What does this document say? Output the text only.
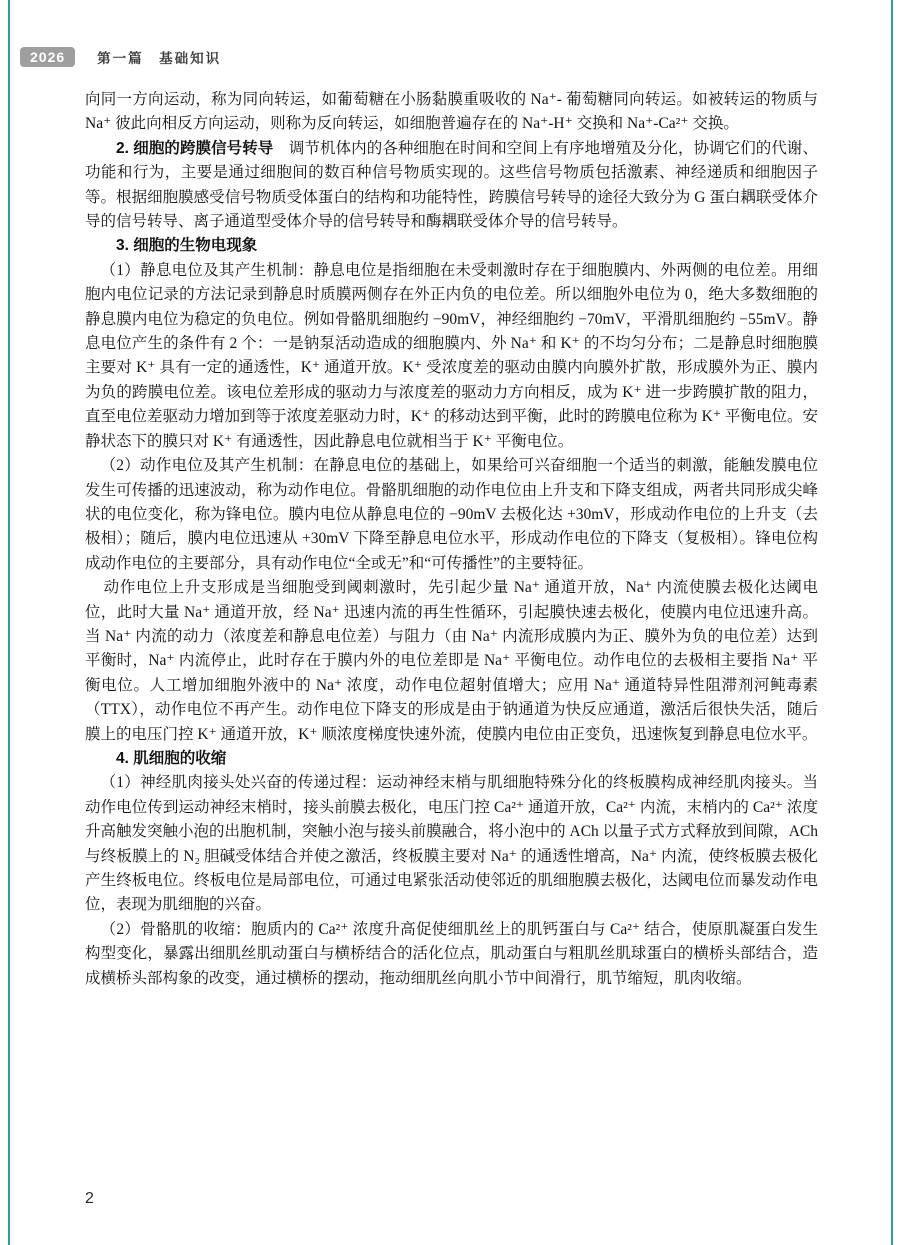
2026	第一篇　基础知识

向同一方向运动，称为同向转运，如葡萄糖在小肠黏膜重吸收的 Na⁺- 葡萄糖同向转运。如被转运的物质与 Na⁺ 彼此向相反方向运动，则称为反向转运，如细胞普遍存在的 Na⁺-H⁺ 交换和 Na⁺-Ca²⁺ 交换。

2. 细胞的跨膜信号转导　调节机体内的各种细胞在时间和空间上有序地增殖及分化，协调它们的代谢、功能和行为，主要是通过细胞间的数百种信号物质实现的。这些信号物质包括激素、神经递质和细胞因子等。根据细胞膜感受信号物质受体蛋白的结构和功能特性，跨膜信号转导的途径大致分为 G 蛋白耦联受体介导的信号转导、离子通道型受体介导的信号转导和酶耦联受体介导的信号转导。

3. 细胞的生物电现象

（1）静息电位及其产生机制：静息电位是指细胞在未受刺激时存在于细胞膜内、外两侧的电位差。用细胞内电位记录的方法记录到静息时质膜两侧存在外正内负的电位差。所以细胞外电位为 0，绝大多数细胞的静息膜内电位为稳定的负电位。例如骨骼肌细胞约 −90mV，神经细胞约 −70mV，平滑肌细胞约 −55mV。静息电位产生的条件有 2 个：一是钠泵活动造成的细胞膜内、外 Na⁺ 和 K⁺ 的不均匀分布；二是静息时细胞膜主要对 K⁺ 具有一定的通透性，K⁺ 通道开放。K⁺ 受浓度差的驱动由膜内向膜外扩散，形成膜外为正、膜内为负的跨膜电位差。该电位差形成的驱动力与浓度差的驱动力方向相反，成为 K⁺ 进一步跨膜扩散的阻力，直至电位差驱动力增加到等于浓度差驱动力时，K⁺ 的移动达到平衡，此时的跨膜电位称为 K⁺ 平衡电位。安静状态下的膜只对 K⁺ 有通透性，因此静息电位就相当于 K⁺ 平衡电位。

（2）动作电位及其产生机制：在静息电位的基础上，如果给可兴奋细胞一个适当的刺激，能触发膜电位发生可传播的迅速波动，称为动作电位。骨骼肌细胞的动作电位由上升支和下降支组成，两者共同形成尖峰状的电位变化，称为锋电位。膜内电位从静息电位的 −90mV 去极化达 +30mV，形成动作电位的上升支（去极相）；随后，膜内电位迅速从 +30mV 下降至静息电位水平，形成动作电位的下降支（复极相）。锋电位构成动作电位的主要部分，具有动作电位“全或无”和“可传播性”的主要特征。

动作电位上升支形成是当细胞受到阈刺激时，先引起少量 Na⁺ 通道开放，Na⁺ 内流使膜去极化达阈电位，此时大量 Na⁺ 通道开放，经 Na⁺ 迅速内流的再生性循环，引起膜快速去极化，使膜内电位迅速升高。当 Na⁺ 内流的动力（浓度差和静息电位差）与阻力（由 Na⁺ 内流形成膜内为正、膜外为负的电位差）达到平衡时，Na⁺ 内流停止，此时存在于膜内外的电位差即是 Na⁺ 平衡电位。动作电位的去极相主要指 Na⁺ 平衡电位。人工增加细胞外液中的 Na⁺ 浓度，动作电位超射值增大；应用 Na⁺ 通道特异性阻滞剂河鲀毒素（TTX），动作电位不再产生。动作电位下降支的形成是由于钠通道为快反应通道，激活后很快失活，随后膜上的电压门控 K⁺ 通道开放，K⁺ 顺浓度梯度快速外流，使膜内电位由正变负，迅速恢复到静息电位水平。

4. 肌细胞的收缩

（1）神经肌肉接头处兴奋的传递过程：运动神经末梢与肌细胞特殊分化的终板膜构成神经肌肉接头。当动作电位传到运动神经末梢时，接头前膜去极化，电压门控 Ca²⁺ 通道开放，Ca²⁺ 内流，末梢内的 Ca²⁺ 浓度升高触发突触小泡的出胞机制，突触小泡与接头前膜融合，将小泡中的 ACh 以量子式方式释放到间隙，ACh 与终板膜上的 N₂ 胆碱受体结合并使之激活，终板膜主要对 Na⁺ 的通透性增高，Na⁺ 内流，使终板膜去极化产生终板电位。终板电位是局部电位，可通过电紧张活动使邻近的肌细胞膜去极化，达阈电位而暴发动作电位，表现为肌细胞的兴奋。

（2）骨骼肌的收缩：胞质内的 Ca²⁺ 浓度升高促使细肌丝上的肌钙蛋白与 Ca²⁺ 结合，使原肌凝蛋白发生构型变化，暴露出细肌丝肌动蛋白与横桥结合的活化位点，肌动蛋白与粗肌丝肌球蛋白的横桥头部结合，造成横桥头部构象的改变，通过横桥的摆动，拖动细肌丝向肌小节中间滑行，肌节缩短，肌肉收缩。

2
